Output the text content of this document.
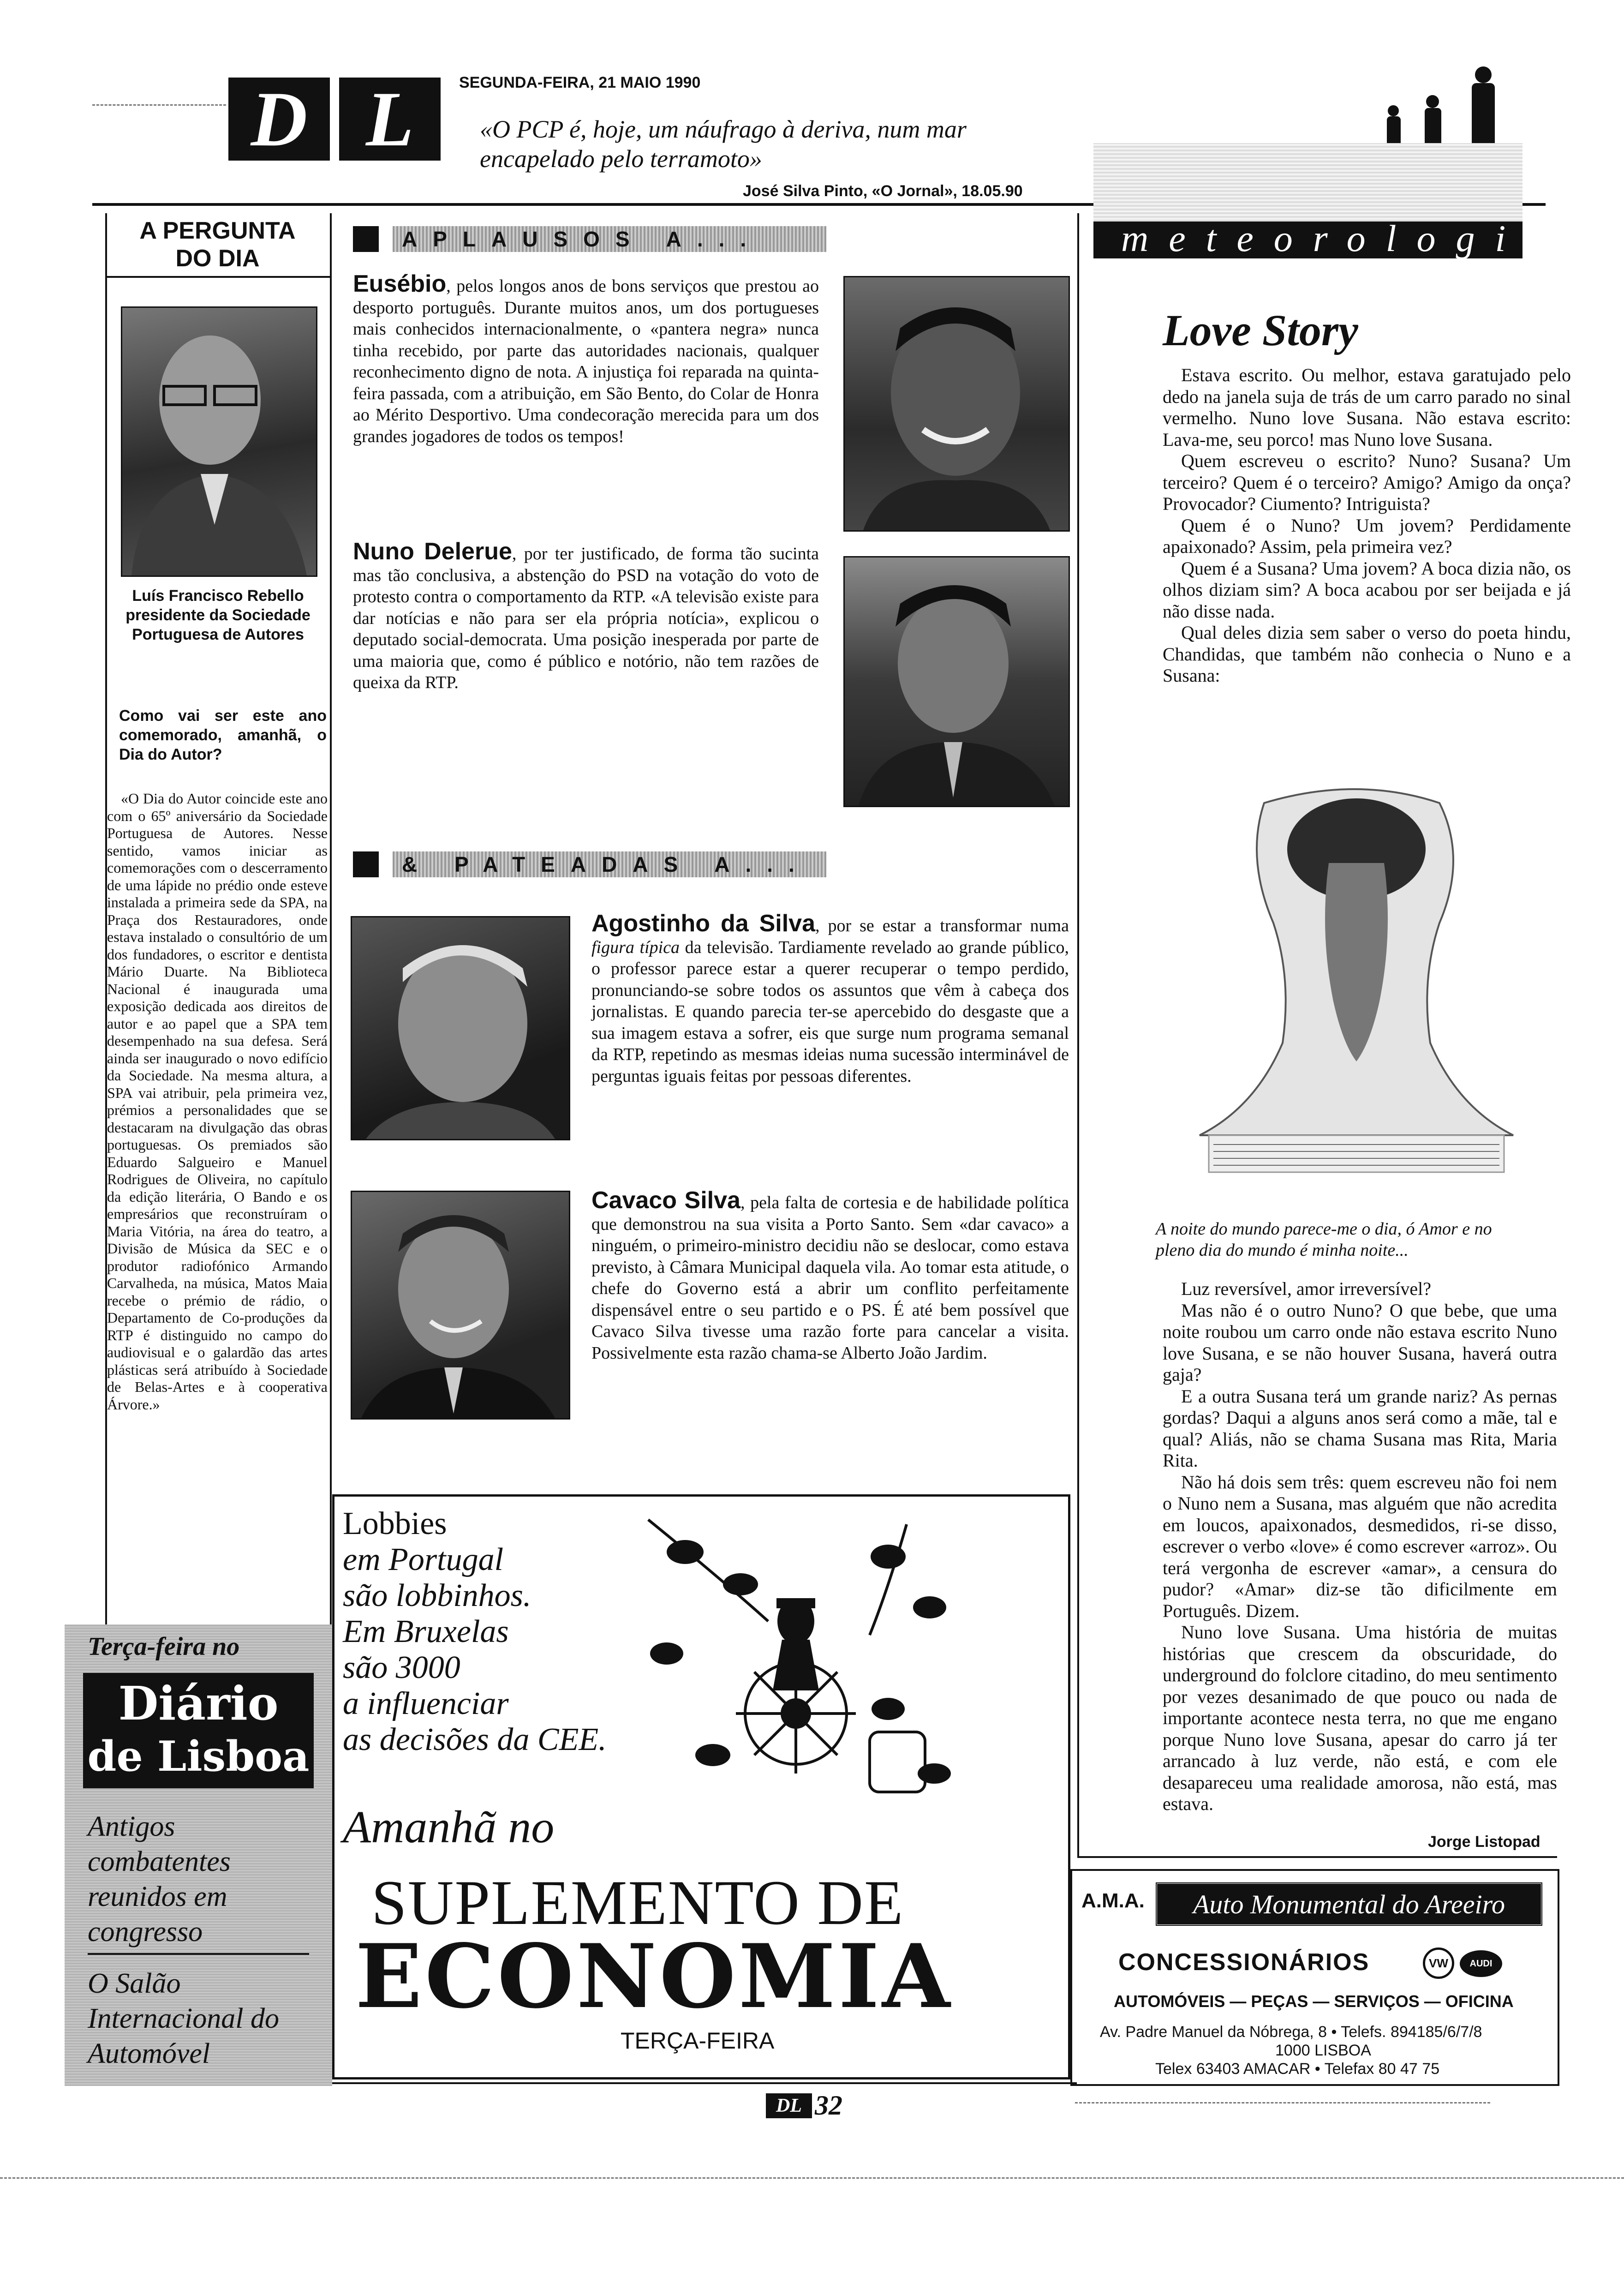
D L	SEGUNDA-FEIRA, 21 MAIO 1990
«O PCP é, hoje, um náufrago à deriva, num mar encapelado pelo terramoto»
José Silva Pinto, «O Jornal», 18.05.90
A PERGUNTA
DO DIA
Luís Francisco Rebello presidente da Sociedade Portuguesa de Autores
Como vai ser este ano comemorado, amanhã, o Dia do Autor?
«O Dia do Autor coincide este ano com o 65º aniversário da Sociedade Portuguesa de Autores. Nesse sentido, vamos iniciar as comemorações com o descerramento de uma lápide no prédio onde esteve instalada a primeira sede da SPA, na Praça dos Restauradores, onde estava instalado o consultório de um dos fundadores, o escritor e dentista Mário Duarte. Na Biblioteca Nacional é inaugurada uma exposição dedicada aos direitos de autor e ao papel que a SPA tem desempenhado na sua defesa. Será ainda ser inaugurado o novo edifício da Sociedade. Na mesma altura, a SPA vai atribuir, pela primeira vez, prémios a personalidades que se destacaram na divulgação das obras portuguesas. Os premiados são Eduardo Salgueiro e Manuel Rodrigues de Oliveira, no capítulo da edição literária, O Bando e os empresários que reconstruíram o Maria Vitória, na área do teatro, a Divisão de Música da SEC e o produtor radiofónico Armando Carvalheda, na música, Matos Maia recebe o prémio de rádio, o Departamento de Co-produções da RTP é distinguido no campo do audiovisual e o galardão das artes plásticas será atribuído à Sociedade de Belas-Artes e à cooperativa Árvore.»
Terça-feira no
Diário
de Lisboa
Antigos combatentes reunidos em congresso
O Salão Internacional do Automóvel
APLAUSOS A...
Eusébio, pelos longos anos de bons serviços que prestou ao desporto português. Durante muitos anos, um dos portugueses mais conhecidos internacionalmente, o «pantera negra» nunca tinha recebido, por parte das autoridades nacionais, qualquer reconhecimento digno de nota. A injustiça foi reparada na quinta-feira passada, com a atribuição, em São Bento, do Colar de Honra ao Mérito Desportivo. Uma condecoração merecida para um dos grandes jogadores de todos os tempos!
Nuno Delerue, por ter justificado, de forma tão sucinta mas tão conclusiva, a abstenção do PSD na votação do voto de protesto contra o comportamento da RTP. «A televisão existe para dar notícias e não para ser ela própria notícia», explicou o deputado social-democrata. Uma posição inesperada por parte de uma maioria que, como é público e notório, não tem razões de queixa da RTP.
& PATEADAS A...
Agostinho da Silva, por se estar a transformar numa figura típica da televisão. Tardiamente revelado ao grande público, o professor parece estar a querer recuperar o tempo perdido, pronunciando-se sobre todos os assuntos que vêm à cabeça dos jornalistas. E quando parecia ter-se apercebido do desgaste que a sua imagem estava a sofrer, eis que surge num programa semanal da RTP, repetindo as mesmas ideias numa sucessão interminável de perguntas iguais feitas por pessoas diferentes.
Cavaco Silva, pela falta de cortesia e de habilidade política que demonstrou na sua visita a Porto Santo. Sem «dar cavaco» a ninguém, o primeiro-ministro decidiu não se deslocar, como estava previsto, à Câmara Municipal daquela vila. Ao tomar esta atitude, o chefe do Governo está a abrir um conflito perfeitamente dispensável entre o seu partido e o PS. É até bem possível que Cavaco Silva tivesse uma razão forte para cancelar a visita. Possivelmente esta razão chama-se Alberto João Jardim.
Lobbies
em Portugal
são lobbinhos.
Em Bruxelas
são 3000
a influenciar
as decisões da CEE.
Amanhã no
SUPLEMENTO DE
ECONOMIA
TERÇA-FEIRA
meteorologia
Love Story

Estava escrito. Ou melhor, estava garatujado pelo dedo na janela suja de trás de um carro parado no sinal vermelho. Nuno love Susana. Não estava escrito: Lava-me, seu porco! mas Nuno love Susana.

Quem escreveu o escrito? Nuno? Susana? Um terceiro? Quem é o terceiro? Amigo? Amigo da onça? Provocador? Ciumento? Intriguista?

Quem é o Nuno? Um jovem? Perdidamente apaixonado? Assim, pela primeira vez?

Quem é a Susana? Uma jovem? A boca dizia não, os olhos diziam sim? A boca acabou por ser beijada e já não disse nada.

Qual deles dizia sem saber o verso do poeta hindu, Chandidas, que também não conhecia o Nuno e a Susana:

A noite do mundo parece-me o dia, ó Amor e no pleno dia do mundo é minha noite...

Luz reversível, amor irreversível?

Mas não é o outro Nuno? O que bebe, que uma noite roubou um carro onde não estava escrito Nuno love Susana, e se não houver Susana, haverá outra gaja?

E a outra Susana terá um grande nariz? As pernas gordas? Daqui a alguns anos será como a mãe, tal e qual? Aliás, não se chama Susana mas Rita, Maria Rita.

Não há dois sem três: quem escreveu não foi nem o Nuno nem a Susana, mas alguém que não acredita em loucos, apaixonados, desmedidos, ri-se disso, escrever o verbo «love» é como escrever «arroz». Ou terá vergonha de escrever «amar», a censura do pudor? «Amar» diz-se tão dificilmente em Português. Dizem.

Nuno love Susana. Uma história de muitas histórias que crescem da obscuridade, do underground do folclore citadino, do meu sentimento por vezes desanimado de que pouco ou nada de importante acontece nesta terra, no que me engano porque Nuno love Susana, apesar do carro já ter arrancado à luz verde, não está, e com ele desapareceu uma realidade amorosa, não está, mas estava.

Jorge Listopad
A.M.A. Auto Monumental do Areeiro
CONCESSIONÁRIOS	VW AUDI
AUTOMÓVEIS — PEÇAS — SERVIÇOS — OFICINA
Av. Padre Manuel da Nóbrega, 8 • Telefs. 894185/6/7/8
1000 LISBOA
Telex 63403 AMACAR • Telefax 80 47 75
DL 32
